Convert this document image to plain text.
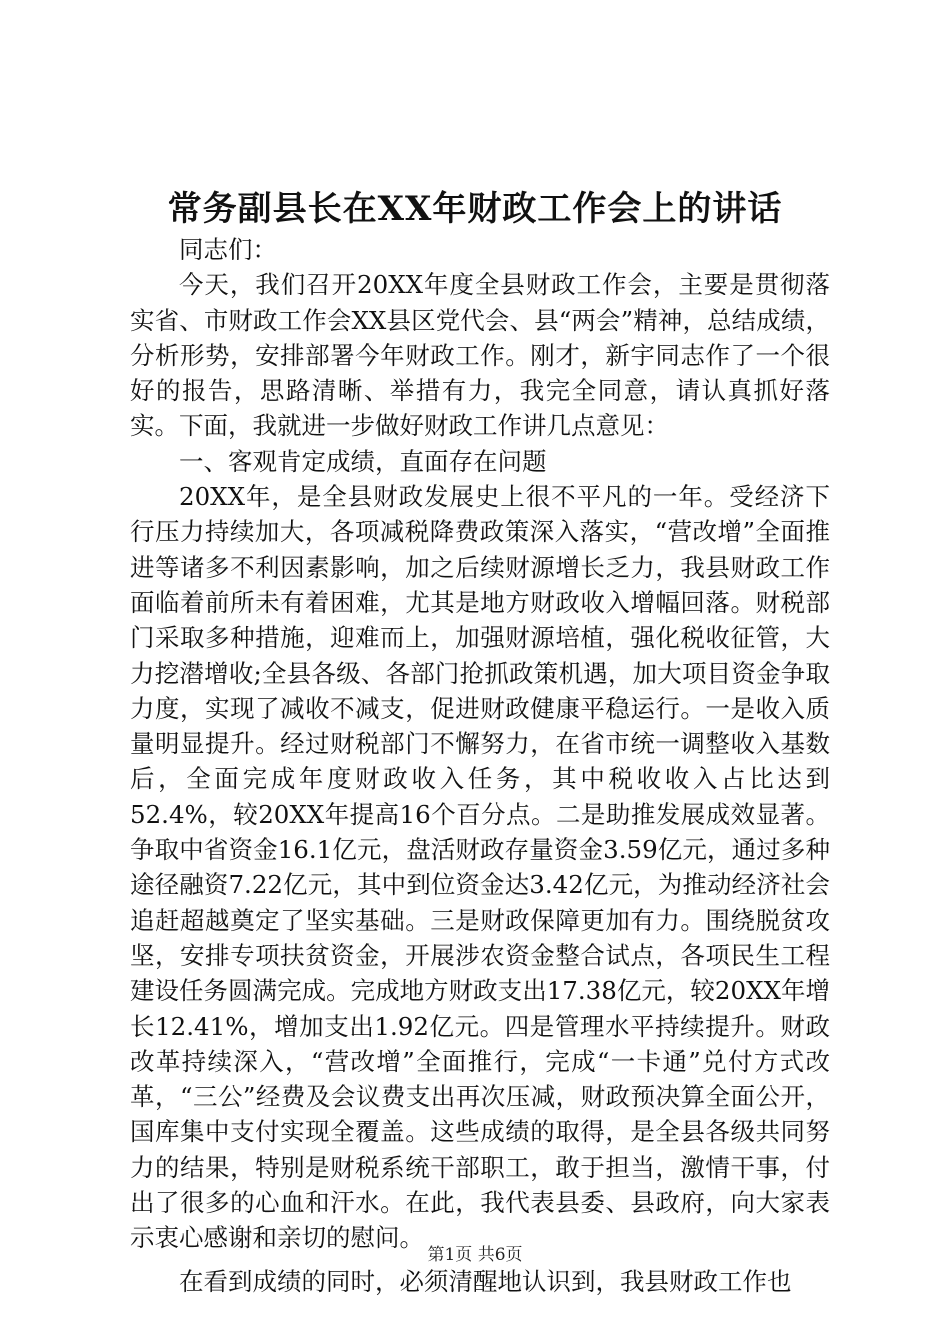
常务副县长在XX年财政工作会上的讲话

同志们：

今天，我们召开20XX年度全县财政工作会，主要是贯彻落实省、市财政工作会XX县区党代会、县“两会”精神，总结成绩，分析形势，安排部署今年财政工作。刚才，新宇同志作了一个很好的报告，思路清晰、举措有力，我完全同意，请认真抓好落实。下面，我就进一步做好财政工作讲几点意见：

一、客观肯定成绩，直面存在问题

20XX年，是全县财政发展史上很不平凡的一年。受经济下行压力持续加大，各项减税降费政策深入落实，“营改增”全面推进等诸多不利因素影响，加之后续财源增长乏力，我县财政工作面临着前所未有着困难，尤其是地方财政收入增幅回落。财税部门采取多种措施，迎难而上，加强财源培植，强化税收征管，大力挖潜增收;全县各级、各部门抢抓政策机遇，加大项目资金争取力度，实现了减收不减支，促进财政健康平稳运行。一是收入质量明显提升。经过财税部门不懈努力，在省市统一调整收入基数后，全面完成年度财政收入任务，其中税收收入占比达到52.4%，较20XX年提高16个百分点。二是助推发展成效显著。争取中省资金16.1亿元，盘活财政存量资金3.59亿元，通过多种途径融资7.22亿元，其中到位资金达3.42亿元，为推动经济社会追赶超越奠定了坚实基础。三是财政保障更加有力。围绕脱贫攻坚，安排专项扶贫资金，开展涉农资金整合试点，各项民生工程建设任务圆满完成。完成地方财政支出17.38亿元，较20XX年增长12.41%，增加支出1.92亿元。四是管理水平持续提升。财政改革持续深入，“营改增”全面推行，完成“一卡通”兑付方式改革，“三公”经费及会议费支出再次压减，财政预决算全面公开，国库集中支付实现全覆盖。这些成绩的取得，是全县各级共同努力的结果，特别是财税系统干部职工，敢于担当，激情干事，付出了很多的心血和汗水。在此，我代表县委、县政府，向大家表示衷心感谢和亲切的慰问。

在看到成绩的同时，必须清醒地认识到，我县财政工作也

第1页 共6页
